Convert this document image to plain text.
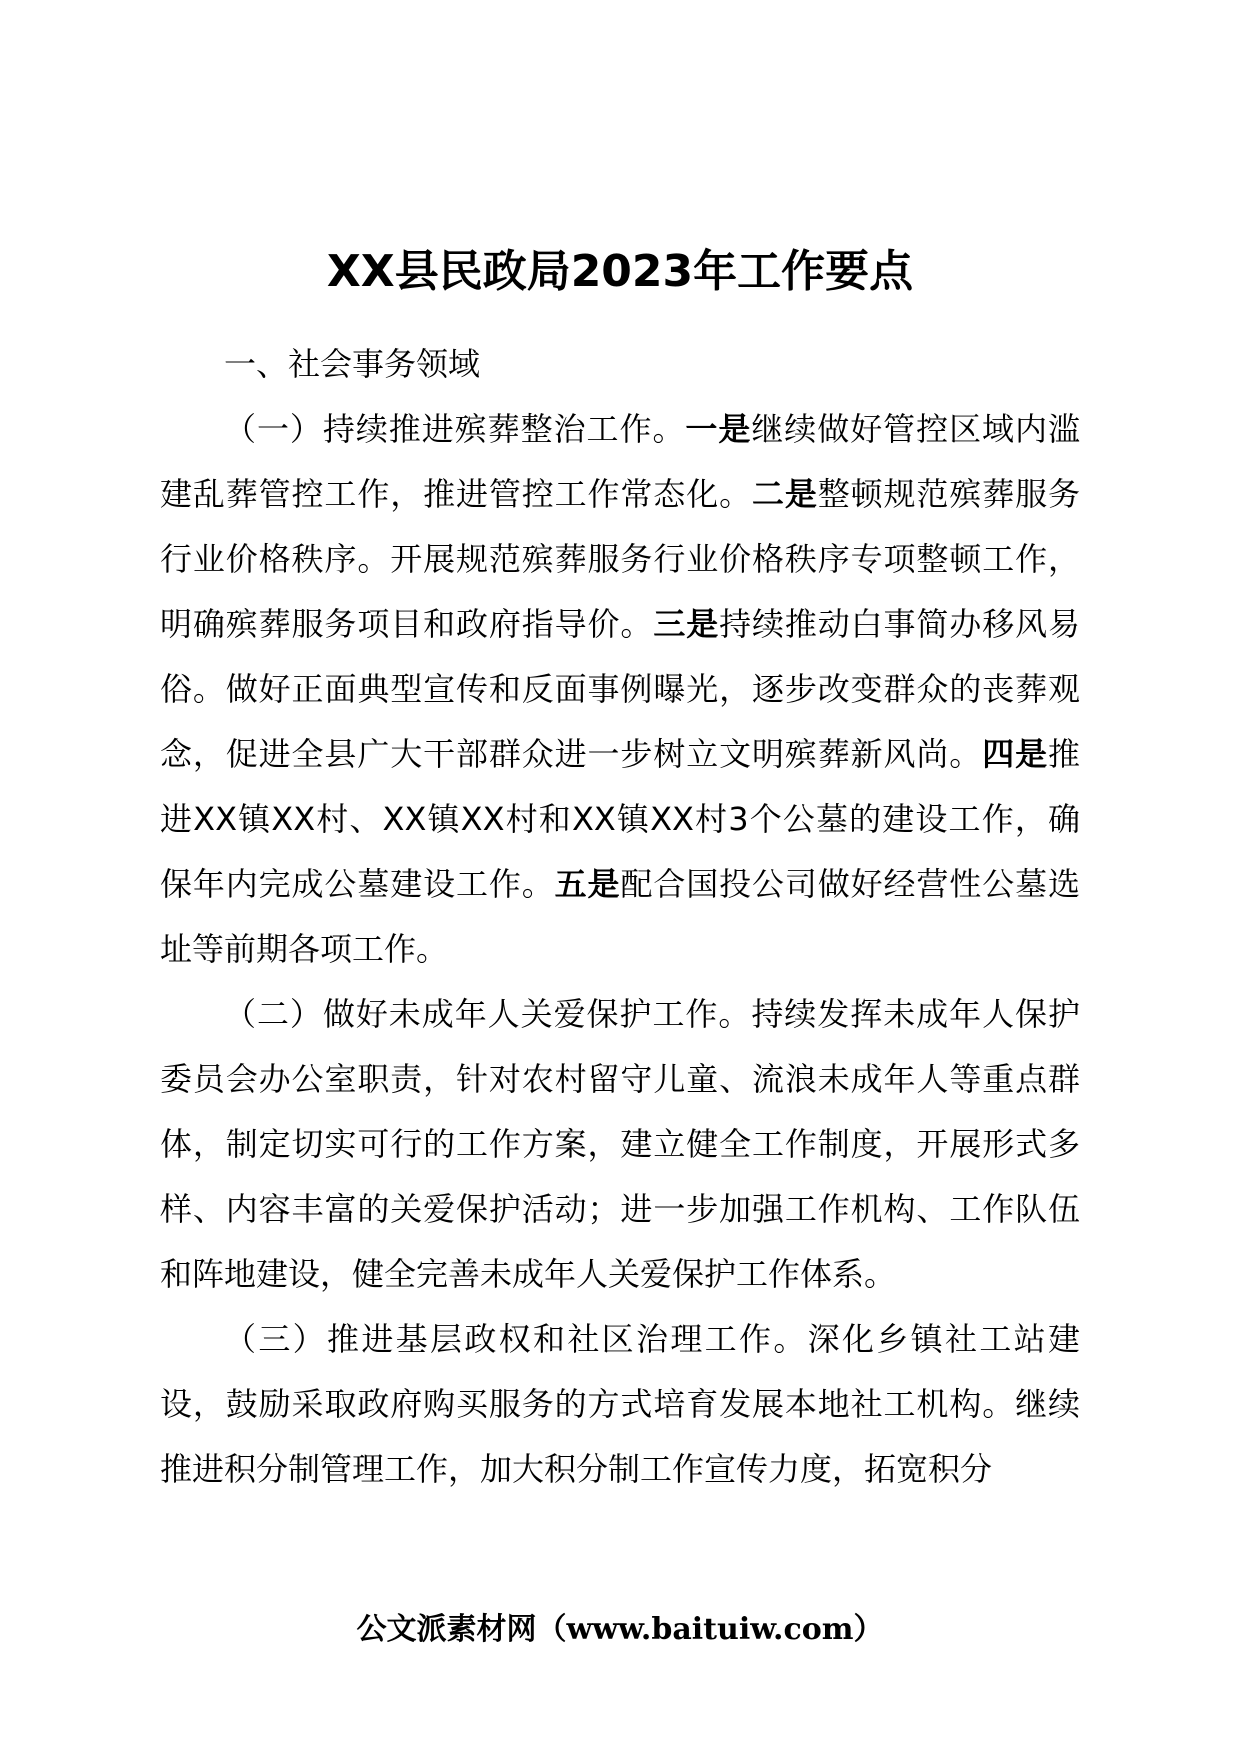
XX县民政局2023年工作要点

一、社会事务领域

（一）持续推进殡葬整治工作。一是继续做好管控区域内滥建乱葬管控工作，推进管控工作常态化。二是整顿规范殡葬服务行业价格秩序。开展规范殡葬服务行业价格秩序专项整顿工作，明确殡葬服务项目和政府指导价。三是持续推动白事简办移风易俗。做好正面典型宣传和反面事例曝光，逐步改变群众的丧葬观念，促进全县广大干部群众进一步树立文明殡葬新风尚。四是推进XX镇XX村、XX镇XX村和XX镇XX村3个公墓的建设工作，确保年内完成公墓建设工作。五是配合国投公司做好经营性公墓选址等前期各项工作。

（二）做好未成年人关爱保护工作。持续发挥未成年人保护委员会办公室职责，针对农村留守儿童、流浪未成年人等重点群体，制定切实可行的工作方案，建立健全工作制度，开展形式多样、内容丰富的关爱保护活动；进一步加强工作机构、工作队伍和阵地建设，健全完善未成年人关爱保护工作体系。

（三）推进基层政权和社区治理工作。深化乡镇社工站建设，鼓励采取政府购买服务的方式培育发展本地社工机构。继续推进积分制管理工作，加大积分制工作宣传力度，拓宽积分

公文派素材网（www.baituiw.com）
